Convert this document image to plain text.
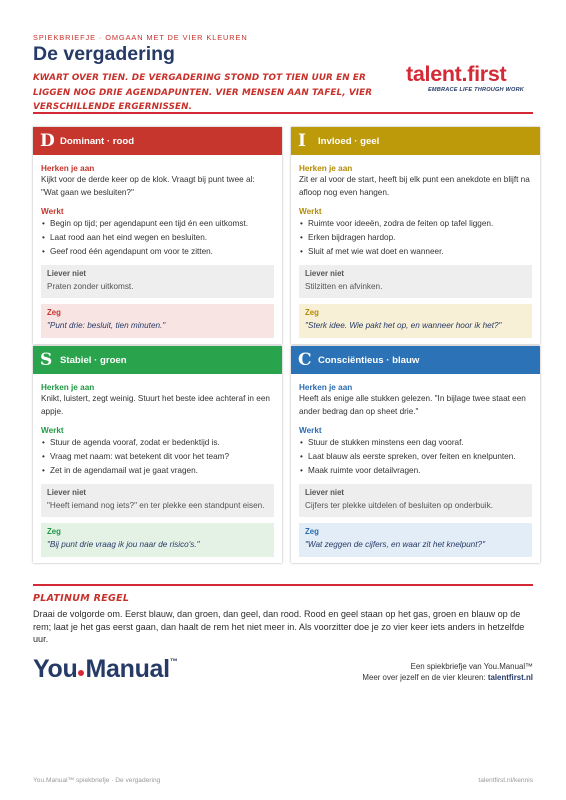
SPIEKBRIEFJE · OMGAAN MET DE VIER KLEUREN
De vergadering
KWART OVER TIEN. DE VERGADERING STOND TOT TIEN UUR EN ER LIGGEN NOG DRIE AGENDAPUNTEN. VIER MENSEN AAN TAFEL, VIER VERSCHILLENDE ERGERNISSEN.
talent.first
EMBRACE LIFE THROUGH WORK
D Dominant · rood
Herken je aan
Kijkt voor de derde keer op de klok. Vraagt bij punt twee al: "Wat gaan we besluiten?"
Werkt
• Begin op tijd; per agendapunt een tijd én een uitkomst.
• Laat rood aan het eind wegen en besluiten.
• Geef rood één agendapunt om voor te zitten.
Liever niet
Praten zonder uitkomst.
Zeg
"Punt drie: besluit, tien minuten."
I	Invloed · geel
Herken je aan
Zit er al voor de start, heeft bij elk punt een anekdote en blijft na afloop nog even hangen.
Werkt
• Ruimte voor ideeën, zodra de feiten op tafel liggen.
• Erken bijdragen hardop.
• Sluit af met wie wat doet en wanneer.
Liever niet
Stilzitten en afvinken.
Zeg
"Sterk idee. Wie pakt het op, en wanneer hoor ik het?"
S Stabiel · groen
Herken je aan
Knikt, luistert, zegt weinig. Stuurt het beste idee achteraf in een appje.
Werkt
• Stuur de agenda vooraf, zodat er bedenktijd is.
• Vraag met naam: wat betekent dit voor het team?
• Zet in de agendamail wat je gaat vragen.
Liever niet
"Heeft iemand nog iets?" en ter plekke een standpunt eisen.
Zeg
"Bij punt drie vraag ik jou naar de risico's."
C Consciëntieus · blauw
Herken je aan
Heeft als enige alle stukken gelezen. "In bijlage twee staat een ander bedrag dan op sheet drie."
Werkt
• Stuur de stukken minstens een dag vooraf.
• Laat blauw als eerste spreken, over feiten en knelpunten.
• Maak ruimte voor detailvragen.
Liever niet
Cijfers ter plekke uitdelen of besluiten op onderbuik.
Zeg
"Wat zeggen de cijfers, en waar zit het knelpunt?"
PLATINUM REGEL
Draai de volgorde om. Eerst blauw, dan groen, dan geel, dan rood. Rood en geel staan op het gas, groen en blauw op de rem; laat je het gas eerst gaan, dan haalt de rem het niet meer in. Als voorzitter doe je zo vier keer iets anders in hetzelfde uur.
You Manual™
Een spiekbriefje van You.Manual™
Meer over jezelf en de vier kleuren: talentfirst.nl
You.Manual™ spiekbriefje · De vergadering	talentfirst.nl/kennis
